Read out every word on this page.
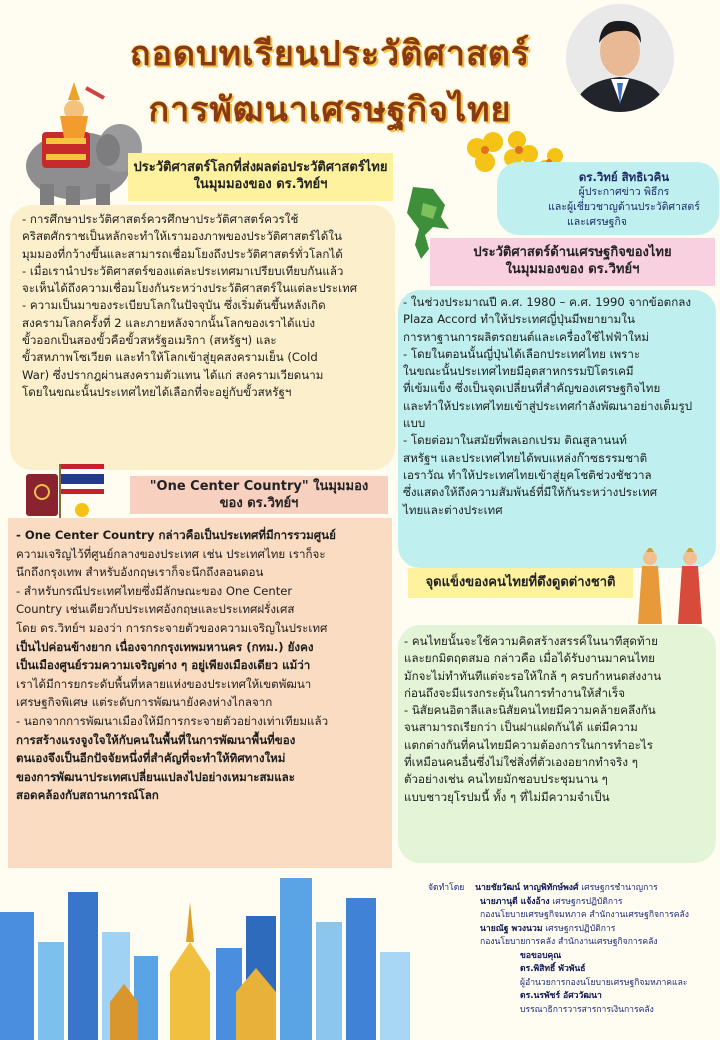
ถอดบทเรียนประวัติศาสตร์
การพัฒนาเศรษฐกิจไทย
ดร.วิทย์ สิทธิเวคิน
ผู้ประกาศข่าว พิธีกร
และผู้เชี่ยวชาญด้านประวัติศาสตร์
และเศรษฐกิจ
ประวัติศาสตร์โลกที่ส่งผลต่อประวัติศาสตร์ไทย
ในมุมมองของ ดร.วิทย์ฯ

- การศึกษาประวัติศาสตร์ควรศึกษาประวัติศาสตร์ควรใช้

คริสตศักราชเป็นหลักจะทำให้เรามองภาพของประวัติศาสตร์ได้ใน

มุมมองที่กว้างขึ้นและสามารถเชื่อมโยงถึงประวัติศาสตร์ทั่วโลกได้

- เมื่อเรานำประวัติศาสตร์ของแต่ละประเทศมาเปรียบเทียบกันแล้ว

จะเห็นได้ถึงความเชื่อมโยงกันระหว่างประวัติศาสตร์ในแต่ละประเทศ

- ความเป็นมาของระเบียบโลกในปัจจุบัน ซึ่งเริ่มต้นขึ้นหลังเกิด

สงครามโลกครั้งที่ 2 และภายหลังจากนั้นโลกของเราได้แบ่ง

ขั้วออกเป็นสองขั้วคือขั้วสหรัฐอเมริกา (สหรัฐฯ) และ

ขั้วสหภาพโซเวียต และทำให้โลกเข้าสู่ยุคสงครามเย็น (Cold

War) ซึ่งปรากฎผ่านสงครามตัวแทน ได้แก่ สงครามเวียดนาม

โดยในขณะนั้นประเทศไทยได้เลือกที่จะอยู่กับขั้วสหรัฐฯ

ประวัติศาสตร์ด้านเศรษฐกิจของไทย
ในมุมมองของ ดร.วิทย์ฯ

- ในช่วงประมาณปี ค.ศ. 1980 – ค.ศ. 1990 จากข้อตกลง

Plaza Accord ทำให้ประเทศญี่ปุ่นมีพยายามใน

การหาฐานการผลิตรถยนต์และเครื่องใช้ไฟฟ้าใหม่

- โดยในตอนนั้นญี่ปุ่นได้เลือกประเทศไทย เพราะ

ในขณะนั้นประเทศไทยมีอุตสาหกรรมปิโตรเคมี

ที่เข้มแข็ง ซึ่งเป็นจุดเปลี่ยนที่สำคัญของเศรษฐกิจไทย

และทำให้ประเทศไทยเข้าสู่ประเทศกำลังพัฒนาอย่างเต็มรูปแบบ

- โดยต่อมาในสมัยที่พลเอกเปรม ติณสูลานนท์

สหรัฐฯ และประเทศไทยได้พบแหล่งก๊าซธรรมชาติ

เอราวัณ ทำให้ประเทศไทยเข้าสู่ยุคโชติช่วงชัชวาล

ซึ่งแสดงให้ถึงความสัมพันธ์ที่มีให้กันระหว่างประเทศ

ไทยและต่างประเทศ

"One Center Country" ในมุมมอง
ของ ดร.วิทย์ฯ

- One Center Country กล่าวคือเป็นประเทศที่มีการรวมศูนย์

ความเจริญไว้ที่ศูนย์กลางของประเทศ เช่น ประเทศไทย เราก็จะ

นึกถึงกรุงเทพ สำหรับอังกฤษเราก็จะนึกถึงลอนดอน

- สำหรับกรณีประเทศไทยซึ่งมีลักษณะของ One Center

Country เช่นเดียวกับประเทศอังกฤษและประเทศฝรั่งเศส

โดย ดร.วิทย์ฯ มองว่า การกระจายตัวของความเจริญในประเทศ

เป็นไปค่อนข้างยาก เนื่องจากกรุงเทพมหานคร (กทม.) ยังคง

เป็นเมืองศูนย์รวมความเจริญต่าง ๆ อยู่เพียงเมืองเดียว แม้ว่า

เราได้มีการยกระดับพื้นที่หลายแห่งของประเทศให้เขตพัฒนา

เศรษฐกิจพิเศษ แต่ระดับการพัฒนายังคงห่างไกลจาก

- นอกจากการพัฒนาเมืองให้มีการกระจายตัวอย่างเท่าเทียมแล้ว

การสร้างแรงจูงใจให้กับคนในพื้นที่ในการพัฒนาพื้นที่ของ

ตนเองจึงเป็นอีกปัจจัยหนึ่งที่สำคัญที่จะทำให้ทิศทางใหม่

ของการพัฒนาประเทศเปลี่ยนแปลงไปอย่างเหมาะสมและ

สอดคล้องกับสถานการณ์โลก

จุดแข็งของคนไทยที่ดึงดูดต่างชาติ

- คนไทยนั้นจะใช้ความคิดสร้างสรรค์ในนาทีสุดท้าย

และยกมิตฤตสมอ กล่าวคือ เมื่อได้รับงานมาคนไทย

มักจะไม่ทำทันทีแต่จะรอให้ใกล้ ๆ ครบกำหนดส่งงาน

ก่อนถึงจะมีแรงกระตุ้นในการทำงานให้สำเร็จ

- นิสัยคนอิตาลีและนิสัยคนไทยมีความคล้ายคลึงกัน

จนสามารถเรียกว่า เป็นฝาแฝดกันได้ แต่มีความ

แตกต่างกันที่คนไทยมีความต้องการในการทำอะไร

ที่เหมือนคนอื่นซึ่งไม่ใช่สิ่งที่ตัวเองอยากทำจริง ๆ

ตัวอย่างเช่น คนไทยมักชอบประชุมนาน ๆ

แบบชาวยุโรปมนี้ ทั้ง ๆ ที่ไม่มีความจำเป็น

จัดทำโดย นายชัยวัฒน์ หาญพิทักษ์พงศ์ เศรษฐกรชำนาญการ
นายภานุดี แจ้งอ้าง เศรษฐกรปฏิบัติการ
กองนโยบายเศรษฐกิจมหภาค สำนักงานเศรษฐกิจการคลัง
นายณัฐ พวงนวม เศรษฐกรปฏิบัติการ
กองนโยบายการคลัง สำนักงานเศรษฐกิจการคลัง
ขอขอบคุณ
ดร.พิสิทธิ์ พัวพันธ์
ผู้อำนวยการกองนโยบายเศรษฐกิจมหภาคและ
ดร.นรพัชร์ อัศววัฒนา
บรรณาธิการวารสารการเงินการคลัง
